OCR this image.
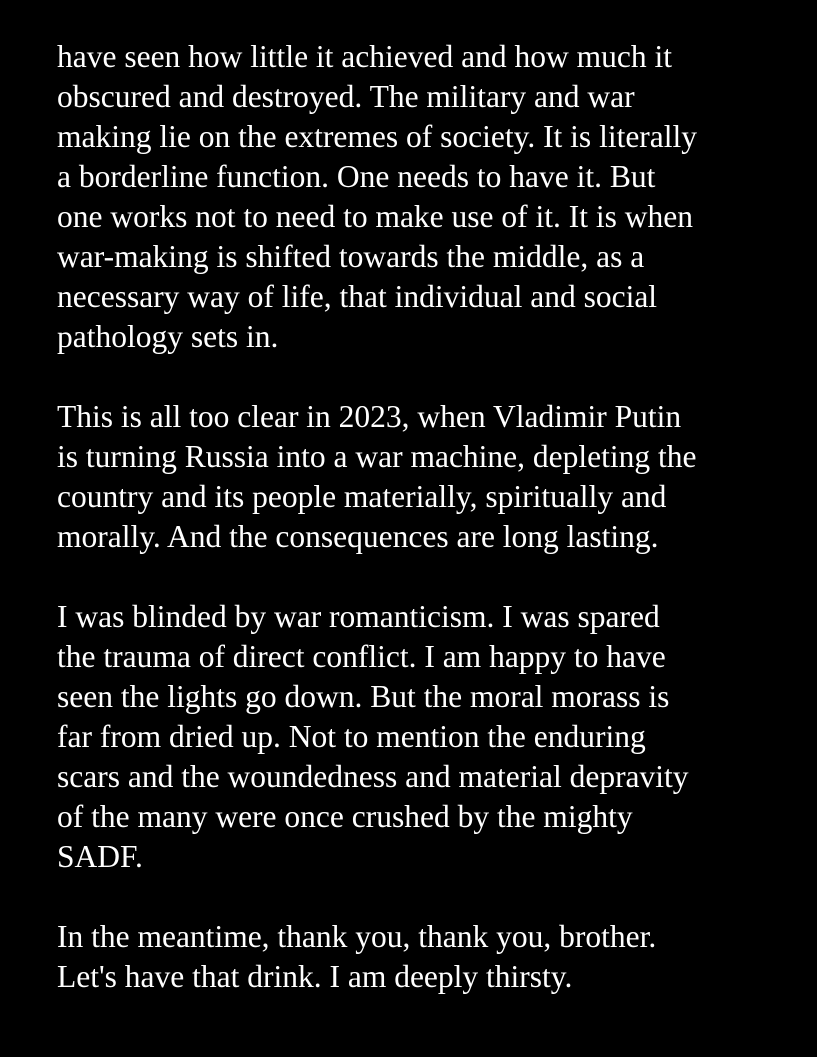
have seen how little it achieved and how much it
obscured and destroyed. The military and war
making lie on the extremes of society. It is literally
a borderline function. One needs to have it. But
one works not to need to make use of it. It is when
war-making is shifted towards the middle, as a
necessary way of life, that individual and social
pathology sets in.

This is all too clear in 2023, when Vladimir Putin
is turning Russia into a war machine, depleting the
country and its people materially, spiritually and
morally. And the consequences are long lasting.

I was blinded by war romanticism. I was spared
the trauma of direct conflict. I am happy to have
seen the lights go down. But the moral morass is
far from dried up. Not to mention the enduring
scars and the woundedness and material depravity
of the many were once crushed by the mighty
SADF.

In the meantime, thank you, thank you, brother.
Let's have that drink. I am deeply thirsty.
